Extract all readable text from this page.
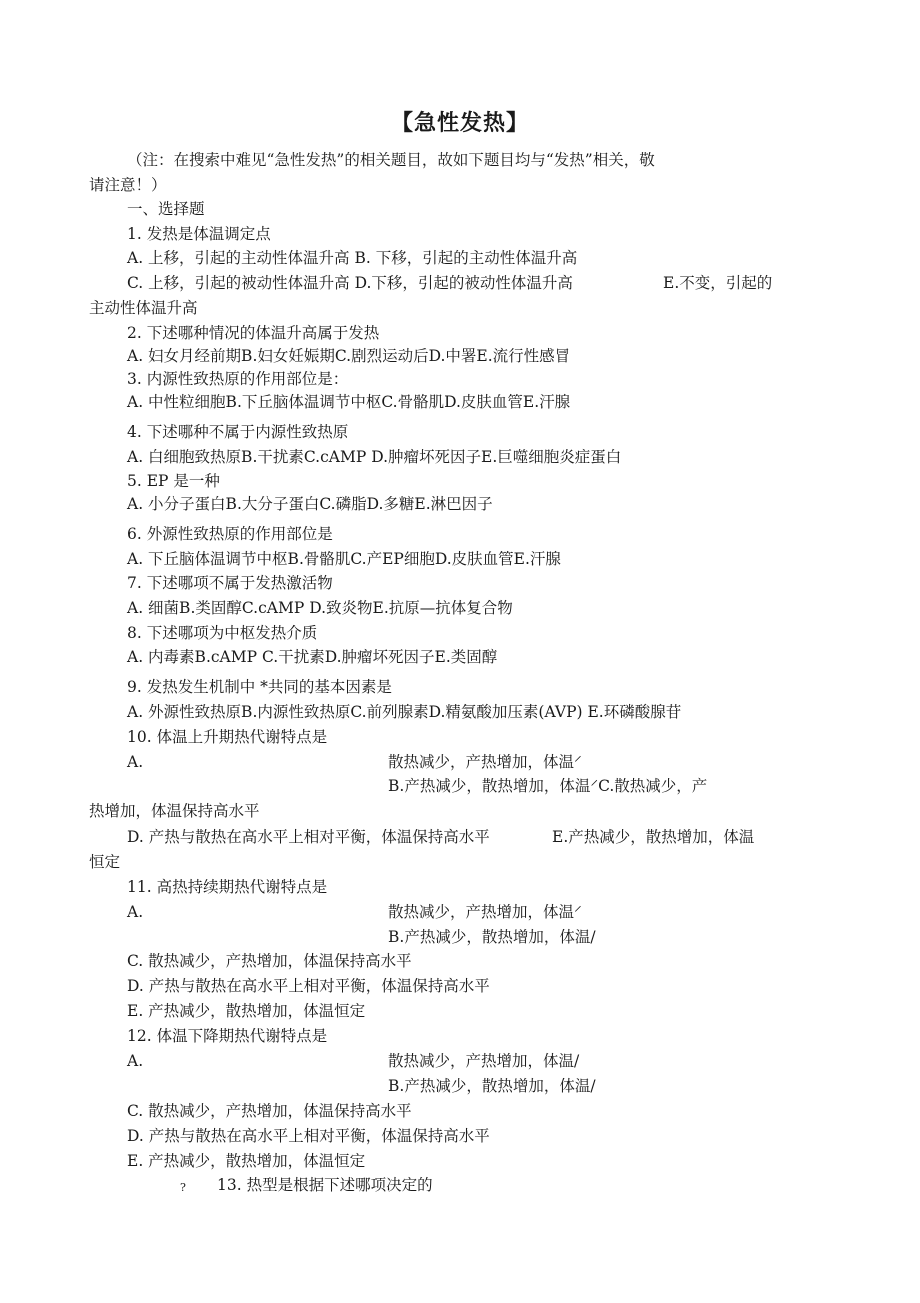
【急性发热】
（注：在搜索中难见“急性发热”的相关题目，故如下题目均与“发热”相关，敬
请注意！）
一、选择题
1. 发热是体温调定点
A. 上移，引起的主动性体温升高 B. 下移，引起的主动性体温升高
C. 上移，引起的被动性体温升高 D.下移，引起的被动性体温升高	E.不变，引起的
主动性体温升高
2. 下述哪种情况的体温升高属于发热
A. 妇女月经前期B.妇女妊娠期C.剧烈运动后D.中署E.流行性感冒
3. 内源性致热原的作用部位是：
A. 中性粒细胞B.下丘脑体温调节中枢C.骨骼肌D.皮肤血管E.汗腺
4. 下述哪种不属于内源性致热原
A. 白细胞致热原B.干扰素C.cAMP D.肿瘤坏死因子E.巨噬细胞炎症蛋白
5. EP 是一种
A. 小分子蛋白B.大分子蛋白C.磷脂D.多糖E.淋巴因子
6. 外源性致热原的作用部位是
A. 下丘脑体温调节中枢B.骨骼肌C.产EP细胞D.皮肤血管E.汗腺
7. 下述哪项不属于发热激活物
A. 细菌B.类固醇C.cAMP D.致炎物E.抗原—抗体复合物
8. 下述哪项为中枢发热介质
A. 内毒素B.cAMP C.干扰素D.肿瘤坏死因子E.类固醇
9. 发热发生机制中 *共同的基本因素是
A. 外源性致热原B.内源性致热原C.前列腺素D.精氨酸加压素(AVP) E.环磷酸腺苷
10. 体温上升期热代谢特点是
A.	散热减少，产热增加，体温⸍
B.产热减少，散热增加，体温⸍C.散热减少，产
热增加，体温保持高水平
D. 产热与散热在高水平上相对平衡，体温保持高水平	E.产热减少，散热增加，体温
恒定
11. 高热持续期热代谢特点是
A.	散热减少，产热增加，体温⸍
B.产热减少，散热增加，体温/
C. 散热减少，产热增加，体温保持高水平
D. 产热与散热在高水平上相对平衡，体温保持高水平
E. 产热减少，散热增加，体温恒定
12. 体温下降期热代谢特点是
A.	散热减少，产热增加，体温/
B.产热减少，散热增加，体温/
C. 散热减少，产热增加，体温保持高水平
D. 产热与散热在高水平上相对平衡，体温保持高水平
E. 产热减少，散热增加，体温恒定
? 13. 热型是根据下述哪项决定的
